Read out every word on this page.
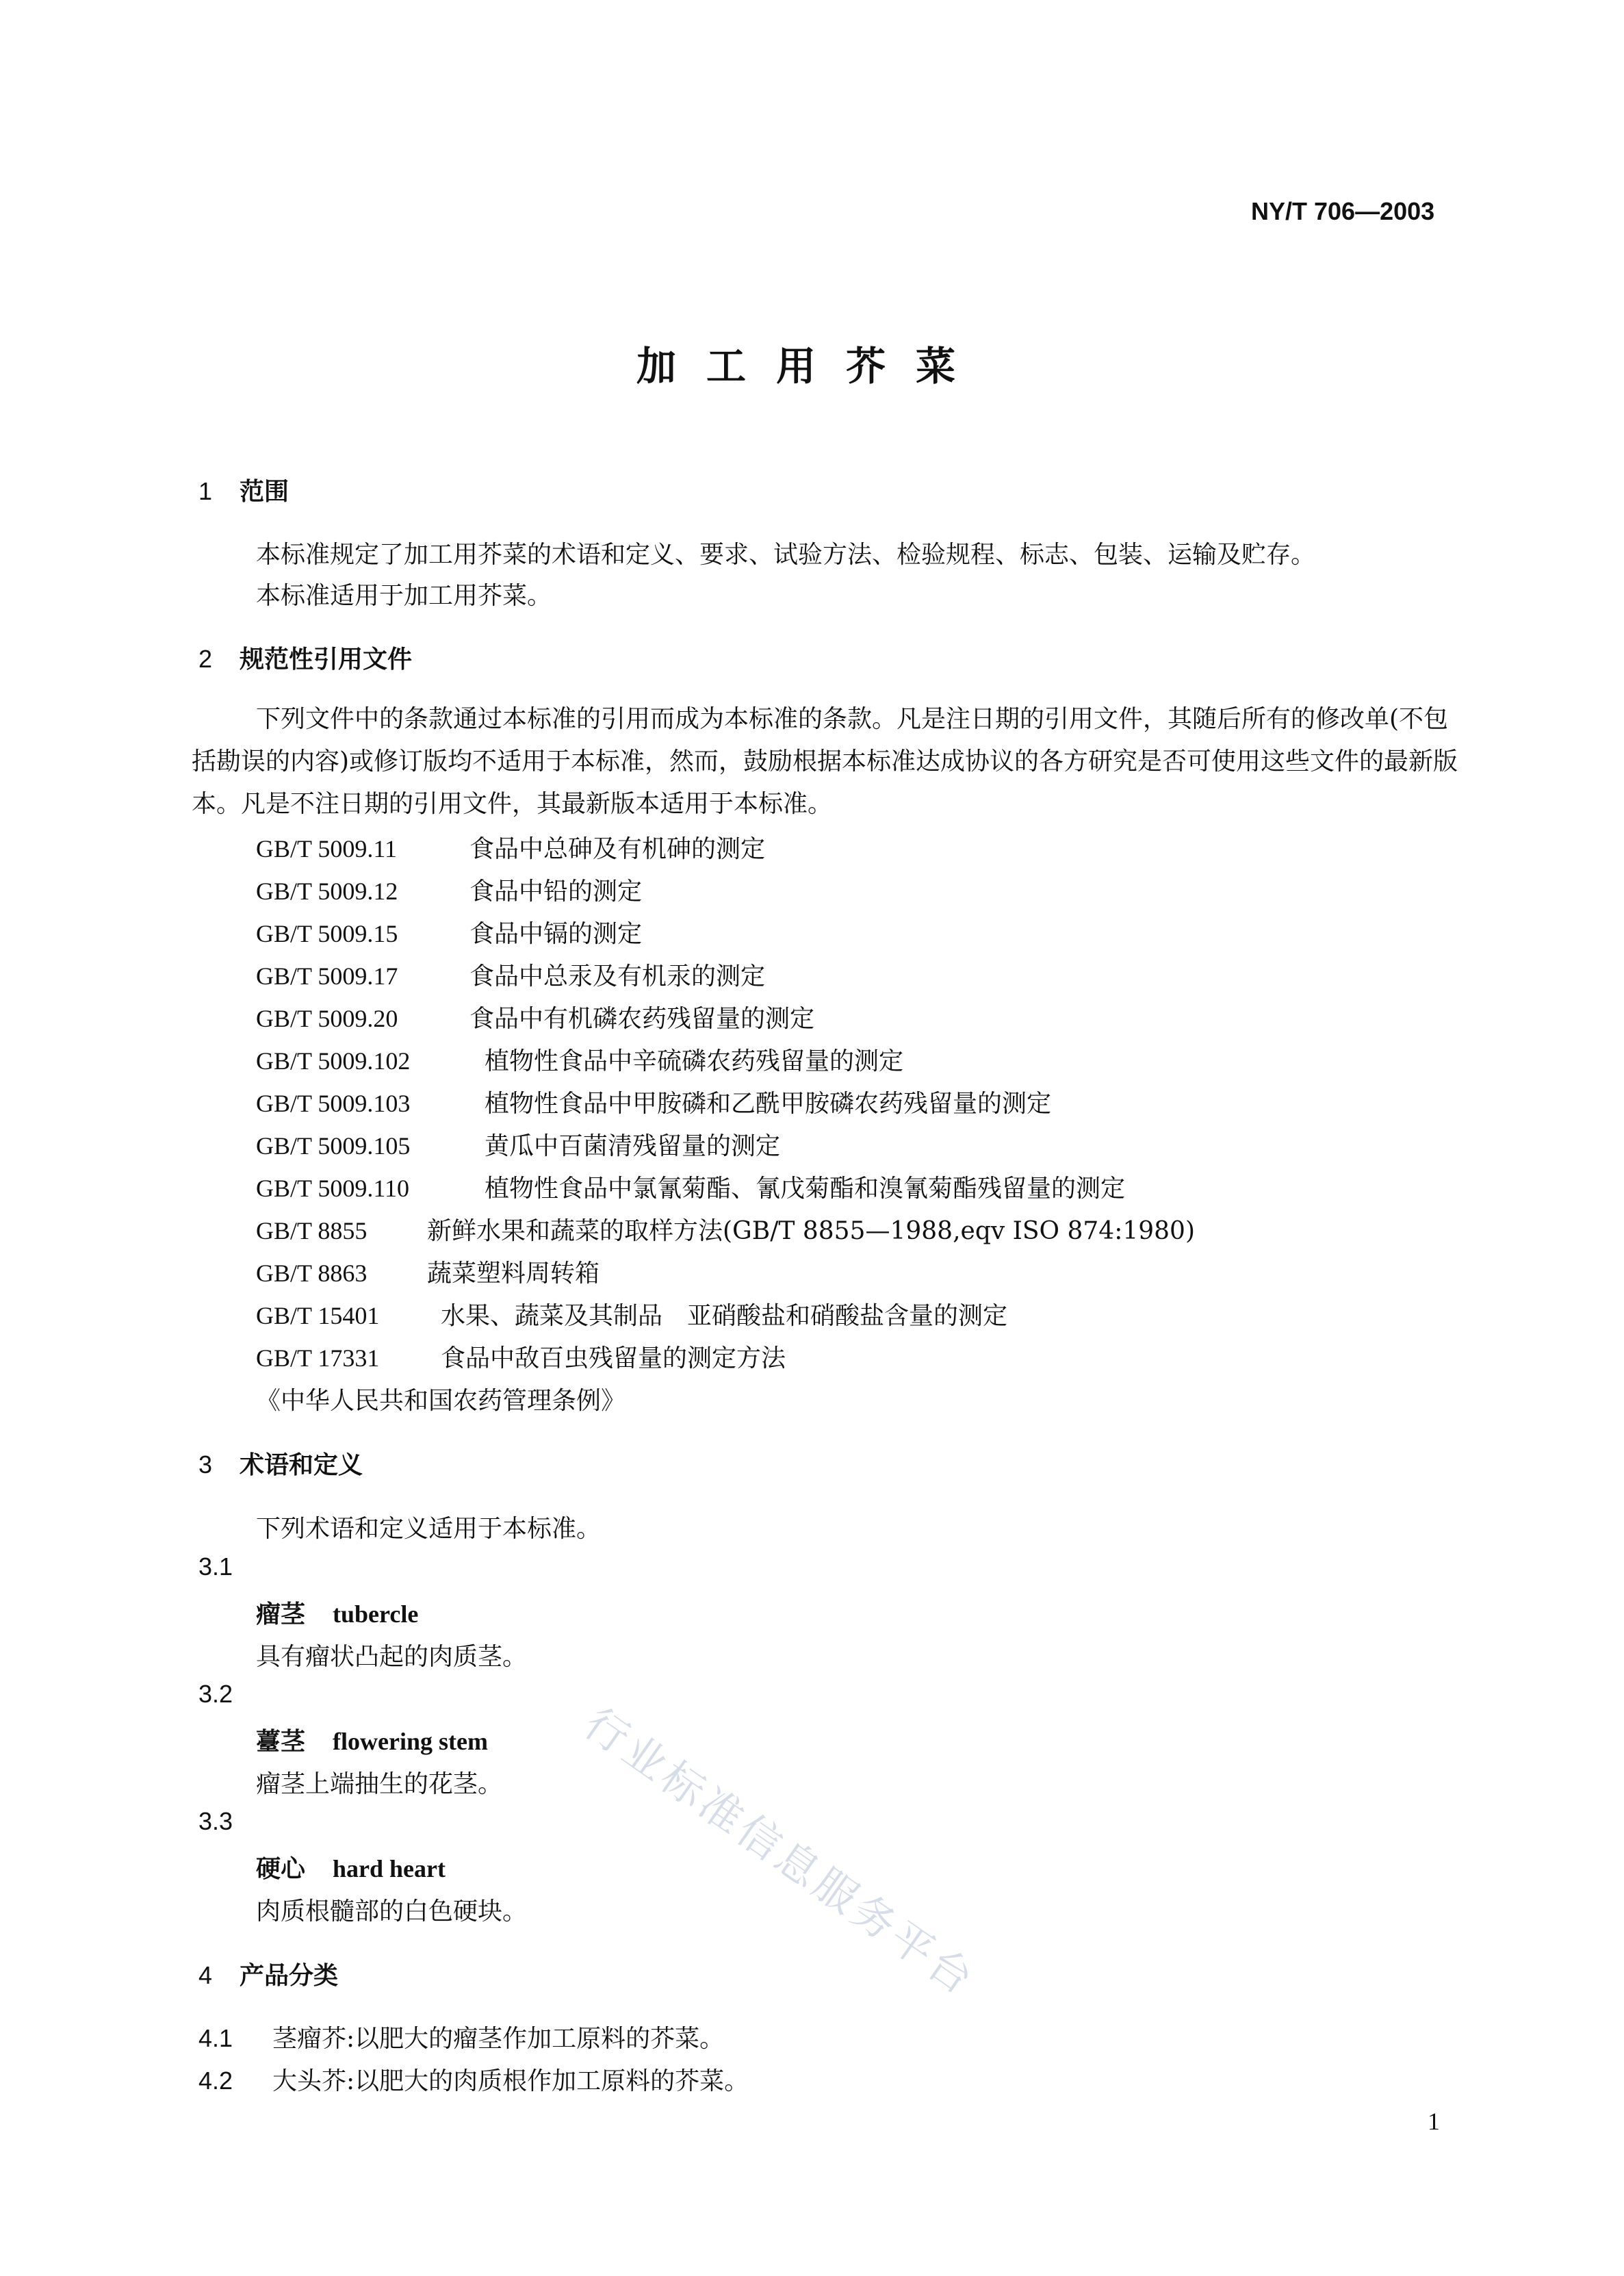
NY/T 706—2003
加工用芥菜
1 范围
本标准规定了加工用芥菜的术语和定义、要求、试验方法、检验规程、标志、包装、运输及贮存。
本标准适用于加工用芥菜。
2 规范性引用文件
下列文件中的条款通过本标准的引用而成为本标准的条款。凡是注日期的引用文件，其随后所有的修改单(不包括勘误的内容)或修订版均不适用于本标准，然而，鼓励根据本标准达成协议的各方研究是否可使用这些文件的最新版本。凡是不注日期的引用文件，其最新版本适用于本标准。
GB/T 5009.11	食品中总砷及有机砷的测定
GB/T 5009.12	食品中铅的测定
GB/T 5009.15	食品中镉的测定
GB/T 5009.17	食品中总汞及有机汞的测定
GB/T 5009.20	食品中有机磷农药残留量的测定
GB/T 5009.102	植物性食品中辛硫磷农药残留量的测定
GB/T 5009.103	植物性食品中甲胺磷和乙酰甲胺磷农药残留量的测定
GB/T 5009.105	黄瓜中百菌清残留量的测定
GB/T 5009.110	植物性食品中氯氰菊酯、氰戊菊酯和溴氰菊酯残留量的测定
GB/T 8855 新鲜水果和蔬菜的取样方法(GB/T 8855—1988,eqv ISO 874:1980)
GB/T 8863 蔬菜塑料周转箱
GB/T 15401 水果、蔬菜及其制品　亚硝酸盐和硝酸盐含量的测定
GB/T 17331 食品中敌百虫残留量的测定方法
《中华人民共和国农药管理条例》
3 术语和定义
下列术语和定义适用于本标准。
3.1
瘤茎 tubercle
具有瘤状凸起的肉质茎。
3.2
薹茎 flowering stem
瘤茎上端抽生的花茎。
3.3
硬心 hard heart
肉质根髓部的白色硬块。
4 产品分类
4.1 茎瘤芥:以肥大的瘤茎作加工原料的芥菜。
4.2 大头芥:以肥大的肉质根作加工原料的芥菜。
行业标准信息服务平台
1
